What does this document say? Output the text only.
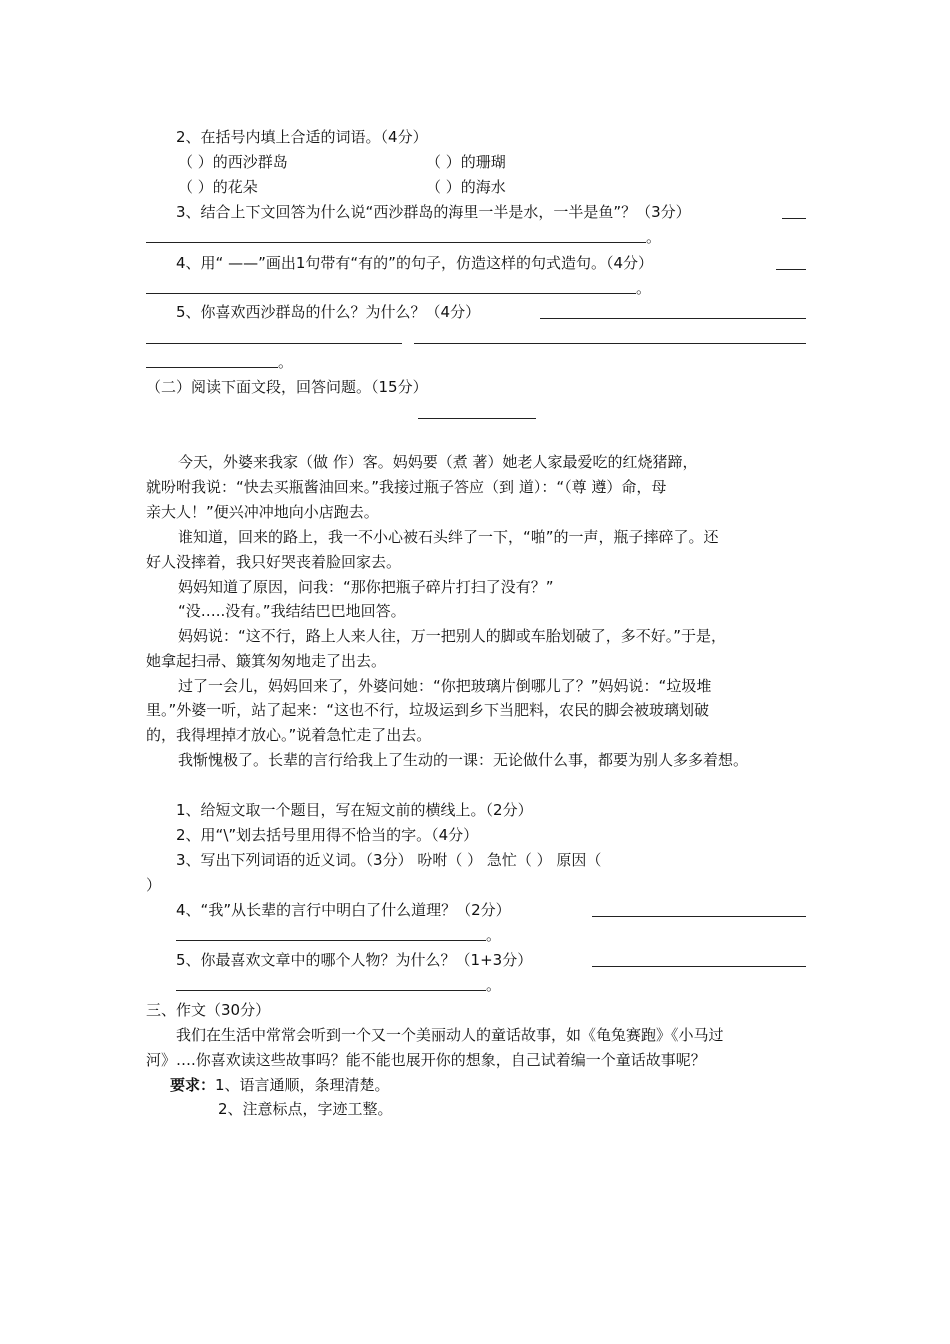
2、在括号内填上合适的词语。（4分）
（ ）的西沙群岛	（ ）的珊瑚
（ ）的花朵	（ ）的海水
3、结合上下文回答为什么说“西沙群岛的海里一半是水，一半是鱼”？（3分）
。
4、用“ ——”画出1句带有“有的”的句子，仿造这样的句式造句。（4分）
。
5、你喜欢西沙群岛的什么？为什么？（4分）
。
（二）阅读下面文段，回答问题。（15分）
今天，外婆来我家（做 作）客。妈妈要（煮 著）她老人家最爱吃的红烧猪蹄，
就吩咐我说：“快去买瓶酱油回来。”我接过瓶子答应（到 道）：“（尊 遵）命，母
亲大人！”便兴冲冲地向小店跑去。
谁知道，回来的路上，我一不小心被石头绊了一下，“啪”的一声，瓶子摔碎了。还
好人没摔着，我只好哭丧着脸回家去。
妈妈知道了原因，问我：“那你把瓶子碎片打扫了没有？”
“没…..没有。”我结结巴巴地回答。
妈妈说：“这不行，路上人来人往，万一把别人的脚或车胎划破了，多不好。”于是，
她拿起扫帚、簸箕匆匆地走了出去。
过了一会儿，妈妈回来了，外婆问她：“你把玻璃片倒哪儿了？”妈妈说：“垃圾堆
里。”外婆一听，站了起来：“这也不行，垃圾运到乡下当肥料，农民的脚会被玻璃划破
的，我得埋掉才放心。”说着急忙走了出去。
我惭愧极了。长辈的言行给我上了生动的一课：无论做什么事，都要为别人多多着想。
1、给短文取一个题目，写在短文前的横线上。（2分）
2、用“\”划去括号里用得不恰当的字。（4分）
3、写出下列词语的近义词。（3分） 吩咐（ ） 急忙（ ） 原因（
）
4、“我”从长辈的言行中明白了什么道理？（2分）
。
5、你最喜欢文章中的哪个人物？为什么？（1+3分）
。
三、作文（30分）
我们在生活中常常会听到一个又一个美丽动人的童话故事，如《龟兔赛跑》《小马过
河》….你喜欢读这些故事吗？能不能也展开你的想象，自己试着编一个童话故事呢？
要求：1、语言通顺，条理清楚。
2、注意标点，字迹工整。
